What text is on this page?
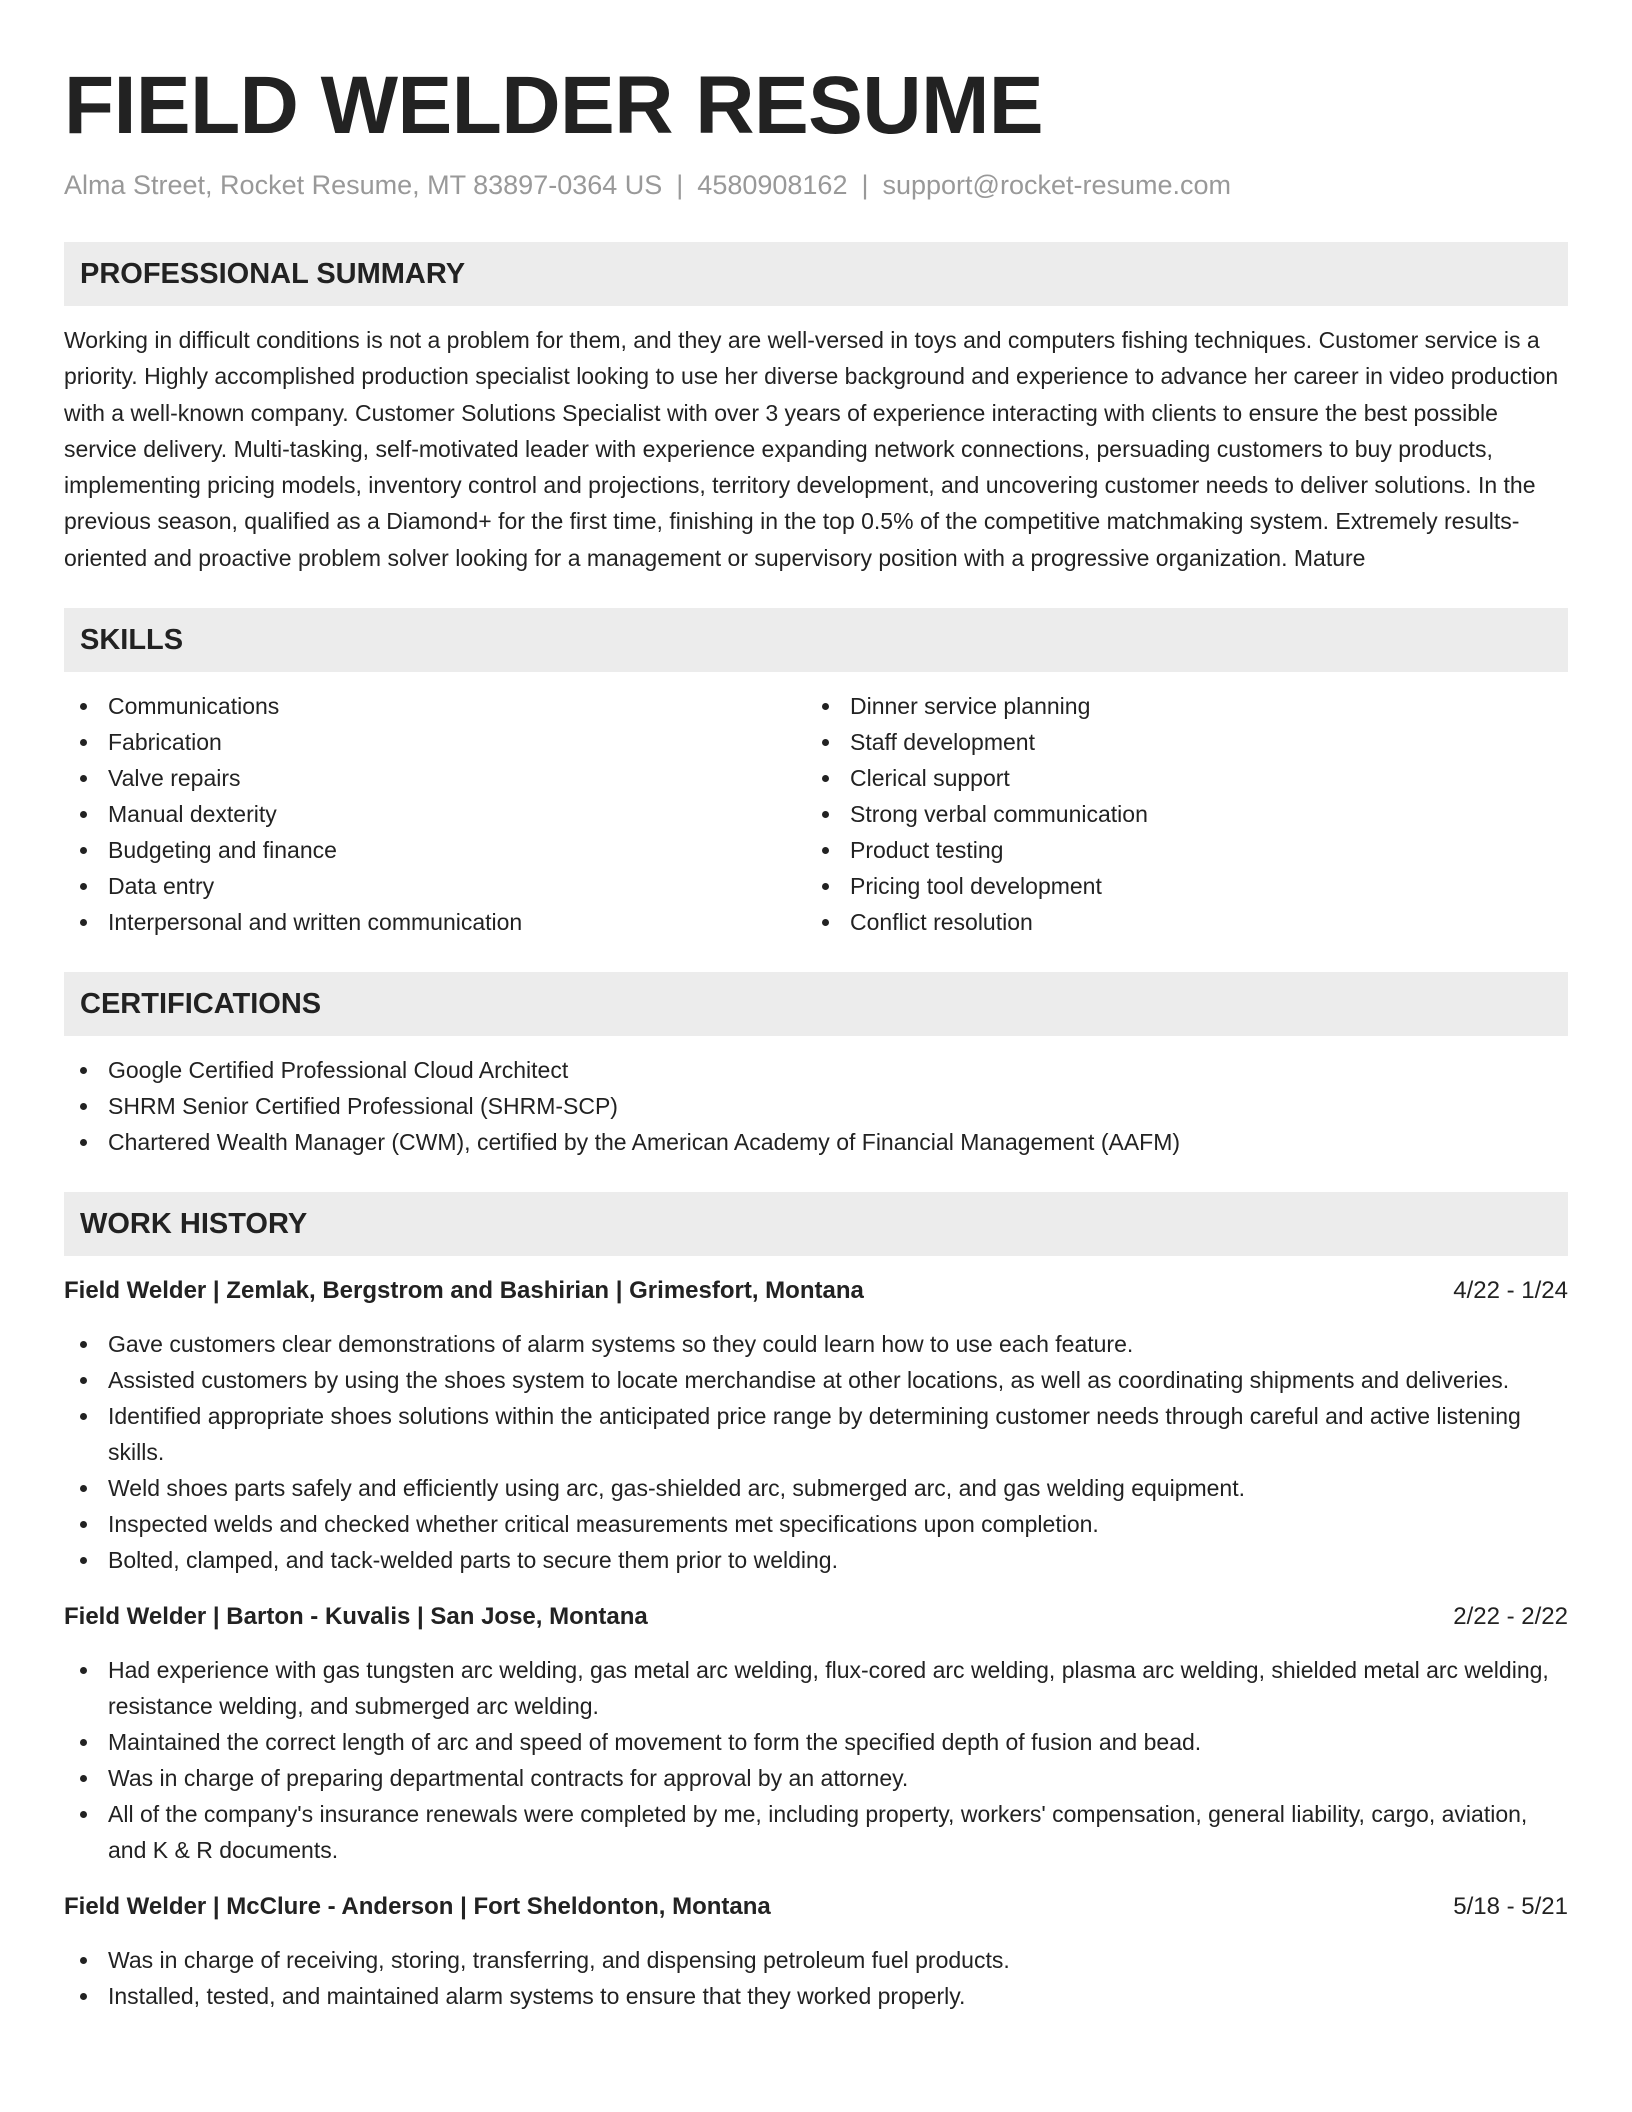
FIELD WELDER RESUME
Alma Street, Rocket Resume, MT 83897-0364 US | 4580908162 | support@rocket-resume.com
PROFESSIONAL SUMMARY

Working in difficult conditions is not a problem for them, and they are well-versed in toys and computers fishing techniques. Customer service is a priority. Highly accomplished production specialist looking to use her diverse background and experience to advance her career in video production with a well-known company. Customer Solutions Specialist with over 3 years of experience interacting with clients to ensure the best possible service delivery. Multi-tasking, self-motivated leader with experience expanding network connections, persuading customers to buy products, implementing pricing models, inventory control and projections, territory development, and uncovering customer needs to deliver solutions. In the previous season, qualified as a Diamond+ for the first time, finishing in the top 0.5% of the competitive matchmaking system. Extremely results-oriented and proactive problem solver looking for a management or supervisory position with a progressive organization. Mature

SKILLS
Communications
Fabrication
Valve repairs
Manual dexterity
Budgeting and finance
Data entry
Interpersonal and written communication
Dinner service planning
Staff development
Clerical support
Strong verbal communication
Product testing
Pricing tool development
Conflict resolution
CERTIFICATIONS
Google Certified Professional Cloud Architect
SHRM Senior Certified Professional (SHRM-SCP)
Chartered Wealth Manager (CWM), certified by the American Academy of Financial Management (AAFM)
WORK HISTORY
Field Welder | Zemlak, Bergstrom and Bashirian | Grimesfort, Montana	4/22 - 1/24
Gave customers clear demonstrations of alarm systems so they could learn how to use each feature.
Assisted customers by using the shoes system to locate merchandise at other locations, as well as coordinating shipments and deliveries.
Identified appropriate shoes solutions within the anticipated price range by determining customer needs through careful and active listening skills.
Weld shoes parts safely and efficiently using arc, gas-shielded arc, submerged arc, and gas welding equipment.
Inspected welds and checked whether critical measurements met specifications upon completion.
Bolted, clamped, and tack-welded parts to secure them prior to welding.
Field Welder | Barton - Kuvalis | San Jose, Montana	2/22 - 2/22
Had experience with gas tungsten arc welding, gas metal arc welding, flux-cored arc welding, plasma arc welding, shielded metal arc welding, resistance welding, and submerged arc welding.
Maintained the correct length of arc and speed of movement to form the specified depth of fusion and bead.
Was in charge of preparing departmental contracts for approval by an attorney.
All of the company's insurance renewals were completed by me, including property, workers' compensation, general liability, cargo, aviation, and K & R documents.
Field Welder | McClure - Anderson | Fort Sheldonton, Montana	5/18 - 5/21
Was in charge of receiving, storing, transferring, and dispensing petroleum fuel products.
Installed, tested, and maintained alarm systems to ensure that they worked properly.
